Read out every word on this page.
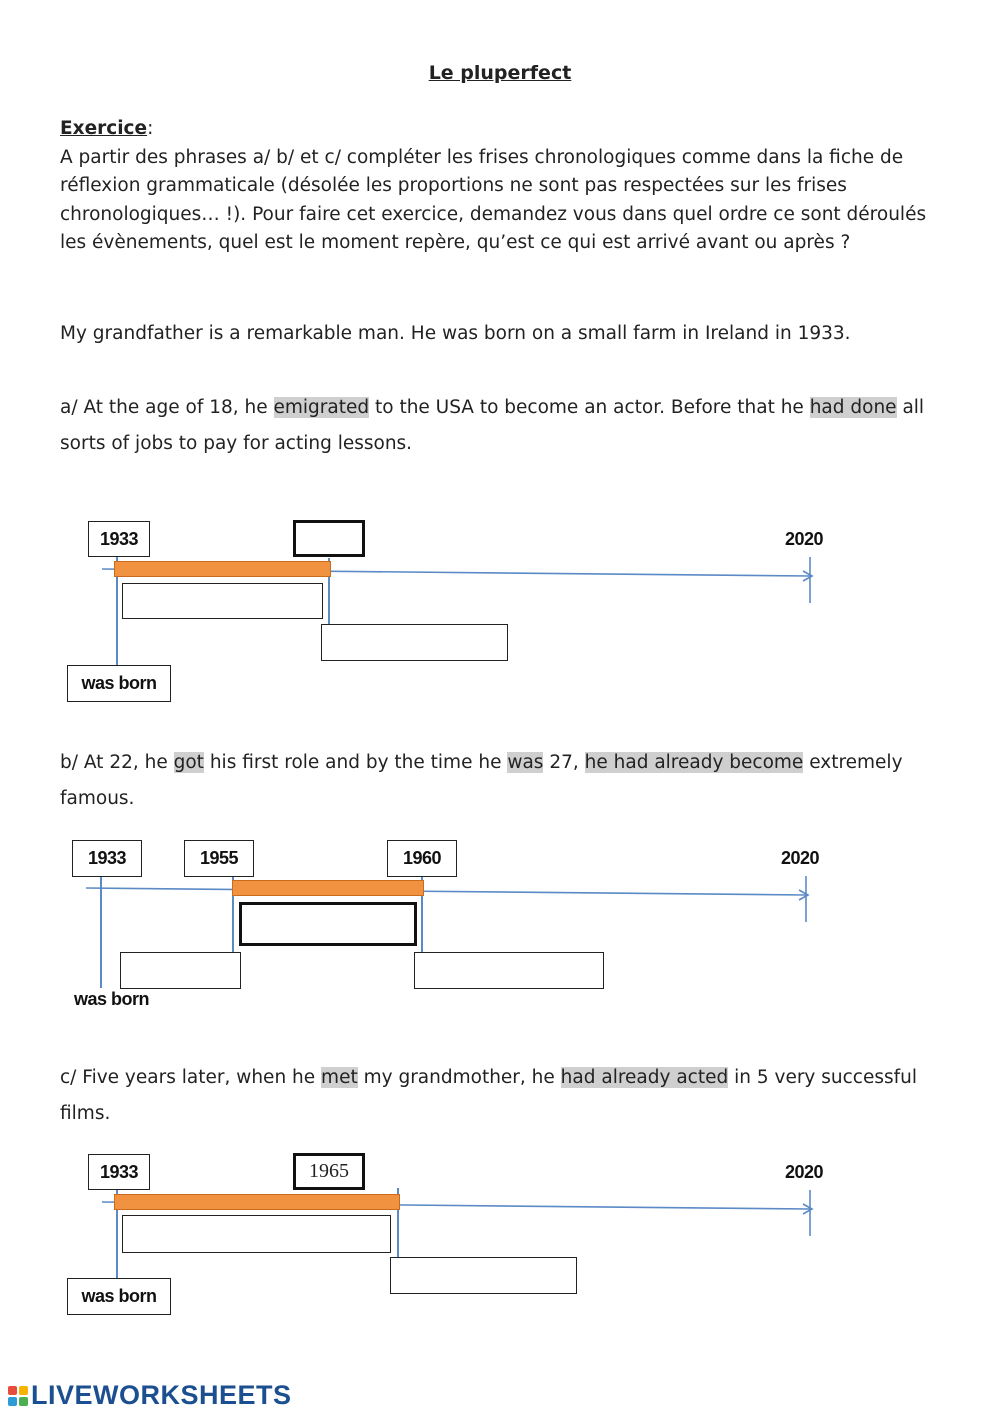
Le pluperfect
Exercice:
A partir des phrases a/ b/ et c/ compléter les frises chronologiques comme dans la fiche de réflexion grammaticale (désolée les proportions ne sont pas respectées sur les frises chronologiques… !). Pour faire cet exercice, demandez vous dans quel ordre ce sont déroulés les évènements, quel est le moment repère, qu’est ce qui est arrivé avant ou après ?
My grandfather is a remarkable man. He was born on a small farm in Ireland in 1933.
a/ At the age of 18, he emigrated to the USA to become an actor. Before that he had done all sorts of jobs to pay for acting lessons.
1933	2020
was born
b/ At 22, he got his first role and by the time he was 27, he had already become extremely famous.
1933	1955	1960	2020
was born
c/ Five years later, when he met my grandmother, he had already acted in 5 very successful films.
1933	1965	2020
was born
LIVEWORKSHEETS
